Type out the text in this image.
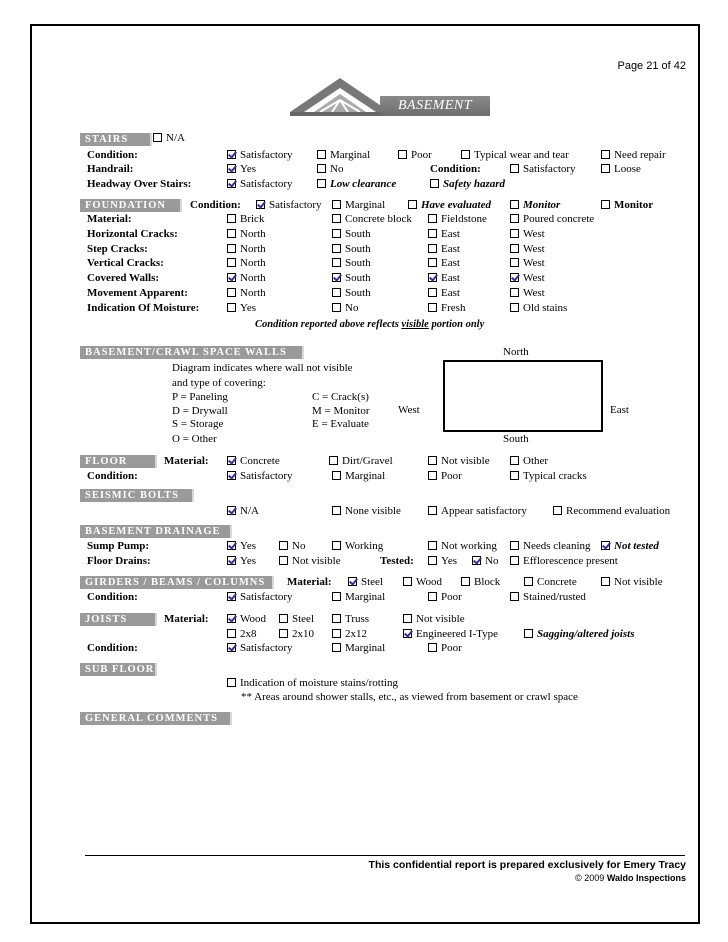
Page 21 of 42
BASEMENT
STAIRS	N/A
Condition:	Satisfactory	Marginal	Poor	Typical wear and tear	Need repair
Handrail:	Yes	No	Condition:	Satisfactory	Loose
Headway Over Stairs:	Satisfactory	Low clearance	Safety hazard
FOUNDATION	Condition:	Satisfactory	Marginal	Have evaluated	Monitor	Monitor
Material:	Brick	Concrete block	Fieldstone	Poured concrete
Horizontal Cracks:	North	South	East	West
Step Cracks:	North	South	East	West
Vertical Cracks:	North	South	East	West
Covered Walls:	North	South	East	West
Movement Apparent:	North	South	East	West
Indication Of Moisture:	Yes	No	Fresh	Old stains
Condition reported above reflects visible portion only
BASEMENT/CRAWL SPACE WALLS
Diagram indicates where wall not visible
and type of covering:
P = Paneling	C = Crack(s)
D = Drywall	M = Monitor
S = Storage	E = Evaluate
O = Other
North
South
West	East
FLOOR	Material:	Concrete	Dirt/Gravel	Not visible	Other
Condition:	Satisfactory	Marginal	Poor	Typical cracks
SEISMIC BOLTS
N/A	None visible	Appear satisfactory	Recommend evaluation
BASEMENT DRAINAGE
Sump Pump:	Yes	No	Working	Not working	Needs cleaning	Not tested
Floor Drains:	Yes	Not visible	Tested:	Yes	No	Efflorescence present
GIRDERS / BEAMS / COLUMNS	Material:	Steel	Wood	Block	Concrete	Not visible
Condition:	Satisfactory	Marginal	Poor	Stained/rusted
JOISTS	Material:	Wood	Steel	Truss	Not visible
2x8	2x10	2x12	Engineered I-Type	Sagging/altered joists
Condition:	Satisfactory	Marginal	Poor
SUB FLOOR
Indication of moisture stains/rotting
** Areas around shower stalls, etc., as viewed from basement or crawl space
GENERAL COMMENTS
This confidential report is prepared exclusively for Emery Tracy
© 2009 Waldo Inspections
